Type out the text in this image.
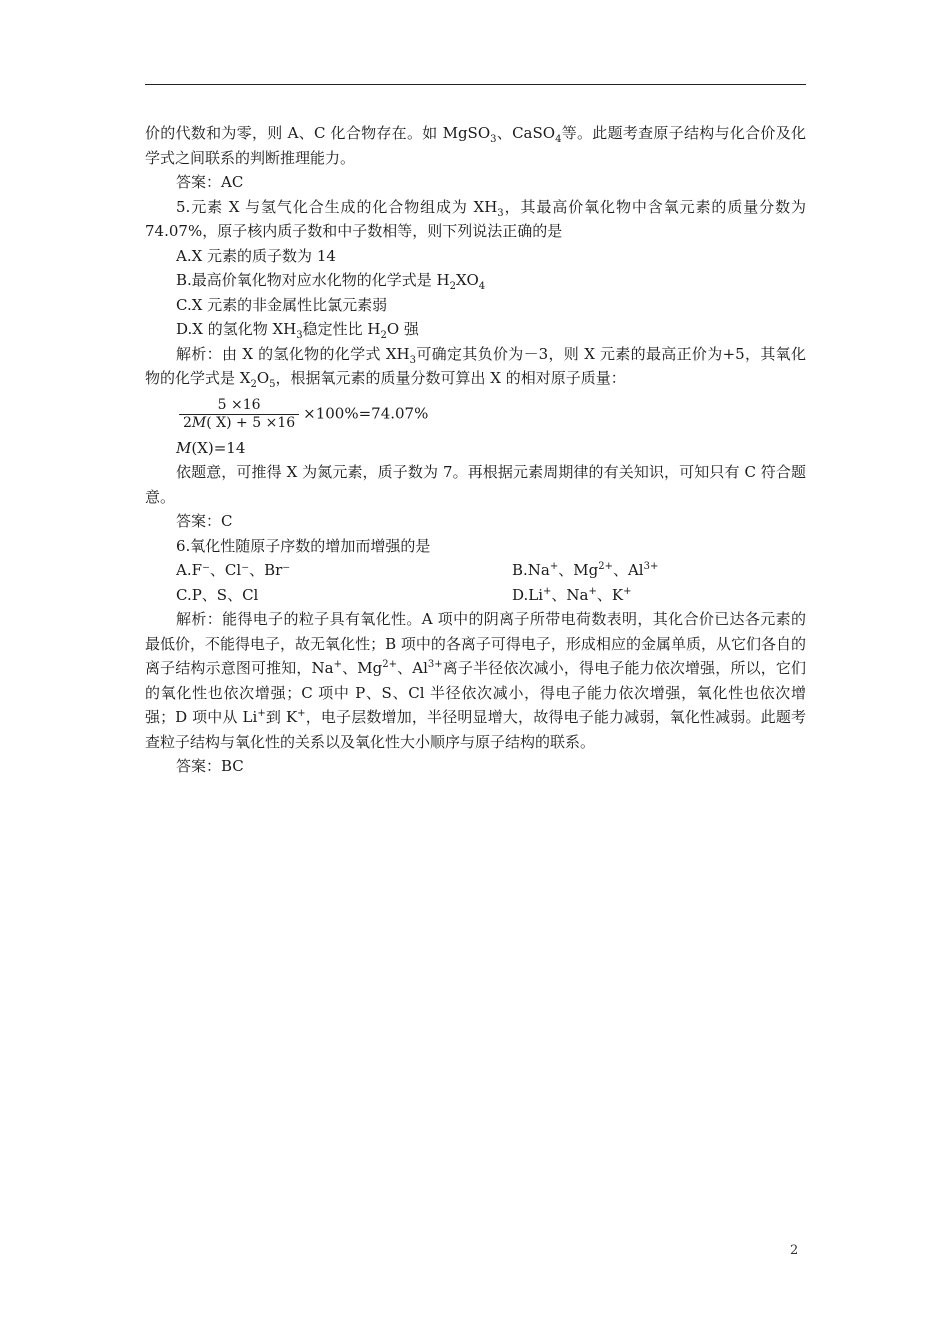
价的代数和为零，则 A、C 化合物存在。如 MgSO$_3$、CaSO$_4$等。此题考查原子结构与化合价及化学式之间联系的判断推理能力。

答案：AC

5.元素 X 与氢气化合生成的化合物组成为 $XH_3$，其最高价氧化物中含氧元素的质量分数为 74.07%，原子核内质子数和中子数相等，则下列说法正确的是

A.X 元素的质子数为 14

B.最高价氧化物对应水化物的化学式是 $H_2XO_4$

C.X 元素的非金属性比氯元素弱

D.X 的氢化物 $XH_3$稳定性比 $H_2O$ 强

解析：由 X 的氢化物的化学式 $XH_3$可确定其负价为－3，则 X 元素的最高正价为+5，其氧化物的化学式是 $X_2O_5$，根据氧元素的质量分数可算出 X 的相对原子质量：

$\frac{5 \times 16}{2M( X) + 5 \times 16} \times 100\%=74.07\%$

M(X)=14

依题意，可推得 X 为氮元素，质子数为 7。再根据元素周期律的有关知识，可知只有 C 符合题意。

答案：C

6.氧化性随原子序数的增加而增强的是

A.F⁻、Cl⁻、Br⁻	B.Na+、$Mg^{2+}$、$Al^{3+}$
C.P、S、Cl	D.Li+、Na+、K+

解析：能得电子的粒子具有氧化性。A 项中的阴离子所带电荷数表明，其化合价已达各元素的最低价，不能得电子，故无氧化性；B 项中的各离子可得电子，形成相应的金属单质，从它们各自的离子结构示意图可推知，Na+、$Mg^{2+}$、$Al^{3+}$离子半径依次减小，得电子能力依次增强，所以，它们的氧化性也依次增强；C 项中 P、S、Cl 半径依次减小，得电子能力依次增强，氧化性也依次增强；D 项中从 Li+到 K+，电子层数增加，半径明显增大，故得电子能力减弱，氧化性减弱。此题考查粒子结构与氧化性的关系以及氧化性大小顺序与原子结构的联系。

答案：BC

2
